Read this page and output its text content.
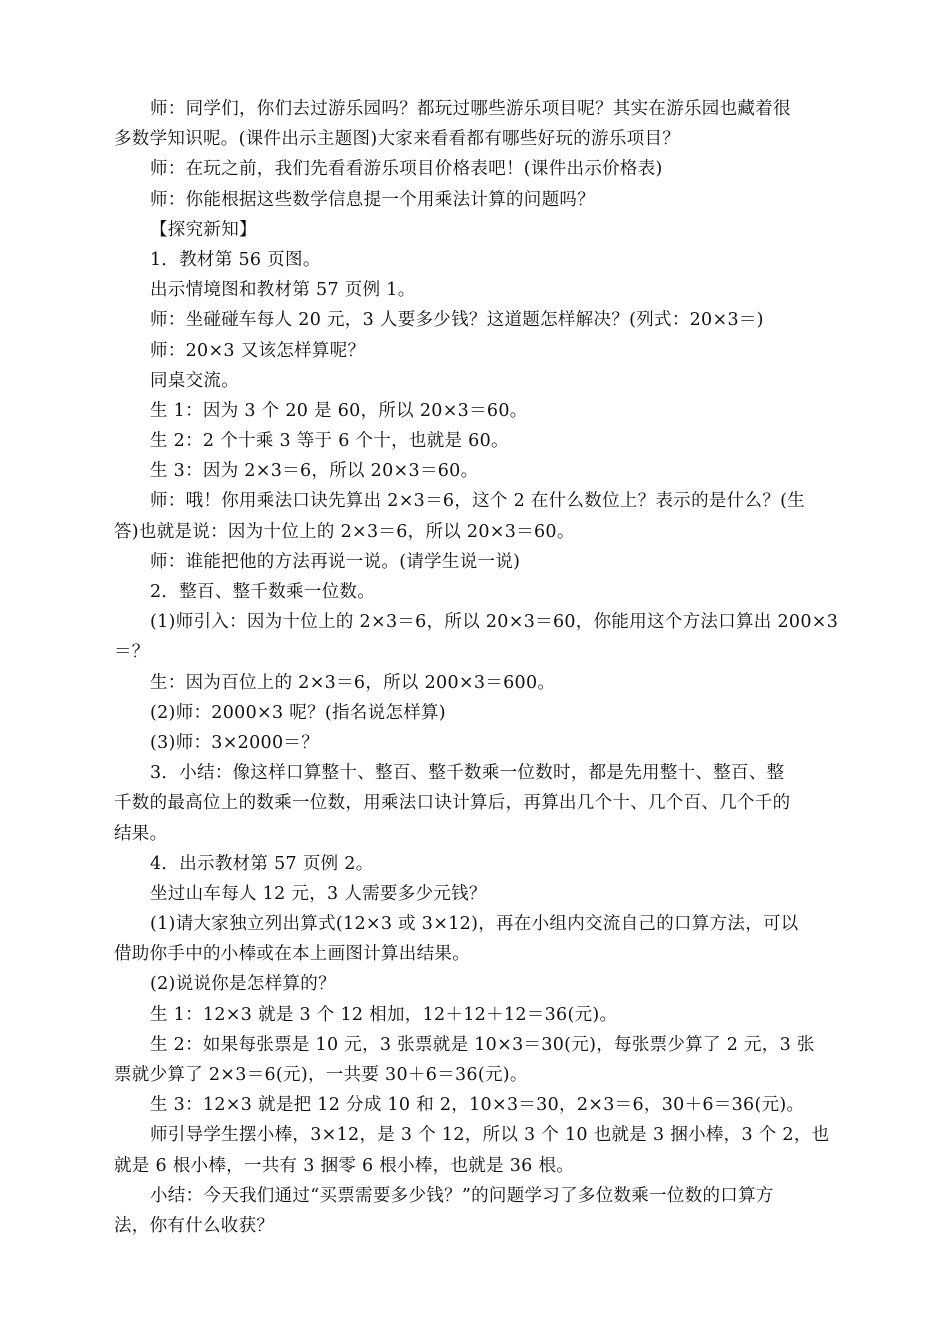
师：同学们，你们去过游乐园吗？都玩过哪些游乐项目呢？其实在游乐园也藏着很
多数学知识呢。(课件出示主题图)大家来看看都有哪些好玩的游乐项目？
师：在玩之前，我们先看看游乐项目价格表吧！(课件出示价格表)
师：你能根据这些数学信息提一个用乘法计算的问题吗？
【探究新知】
1．教材第 56 页图。
出示情境图和教材第 57 页例 1。
师：坐碰碰车每人 20 元，3 人要多少钱？这道题怎样解决？(列式：20×3＝)
师：20×3 又该怎样算呢？
同桌交流。
生 1：因为 3 个 20 是 60，所以 20×3＝60。
生 2：2 个十乘 3 等于 6 个十，也就是 60。
生 3：因为 2×3＝6，所以 20×3＝60。
师：哦！你用乘法口诀先算出 2×3＝6，这个 2 在什么数位上？表示的是什么？(生
答)也就是说：因为十位上的 2×3＝6，所以 20×3＝60。
师：谁能把他的方法再说一说。(请学生说一说)
2．整百、整千数乘一位数。
(1)师引入：因为十位上的 2×3＝6，所以 20×3＝60，你能用这个方法口算出 200×3
＝？
生：因为百位上的 2×3＝6，所以 200×3＝600。
(2)师：2000×3 呢？(指名说怎样算)
(3)师：3×2000＝？
3．小结：像这样口算整十、整百、整千数乘一位数时，都是先用整十、整百、整
千数的最高位上的数乘一位数，用乘法口诀计算后，再算出几个十、几个百、几个千的
结果。
4．出示教材第 57 页例 2。
坐过山车每人 12 元，3 人需要多少元钱？
(1)请大家独立列出算式(12×3 或 3×12)，再在小组内交流自己的口算方法，可以
借助你手中的小棒或在本上画图计算出结果。
(2)说说你是怎样算的？
生 1：12×3 就是 3 个 12 相加，12＋12＋12＝36(元)。
生 2：如果每张票是 10 元，3 张票就是 10×3＝30(元)，每张票少算了 2 元，3 张
票就少算了 2×3＝6(元)，一共要 30＋6＝36(元)。
生 3：12×3 就是把 12 分成 10 和 2，10×3＝30，2×3＝6，30＋6＝36(元)。
师引导学生摆小棒，3×12，是 3 个 12，所以 3 个 10 也就是 3 捆小棒，3 个 2，也
就是 6 根小棒，一共有 3 捆零 6 根小棒，也就是 36 根。
小结：今天我们通过“买票需要多少钱？”的问题学习了多位数乘一位数的口算方
法，你有什么收获？
